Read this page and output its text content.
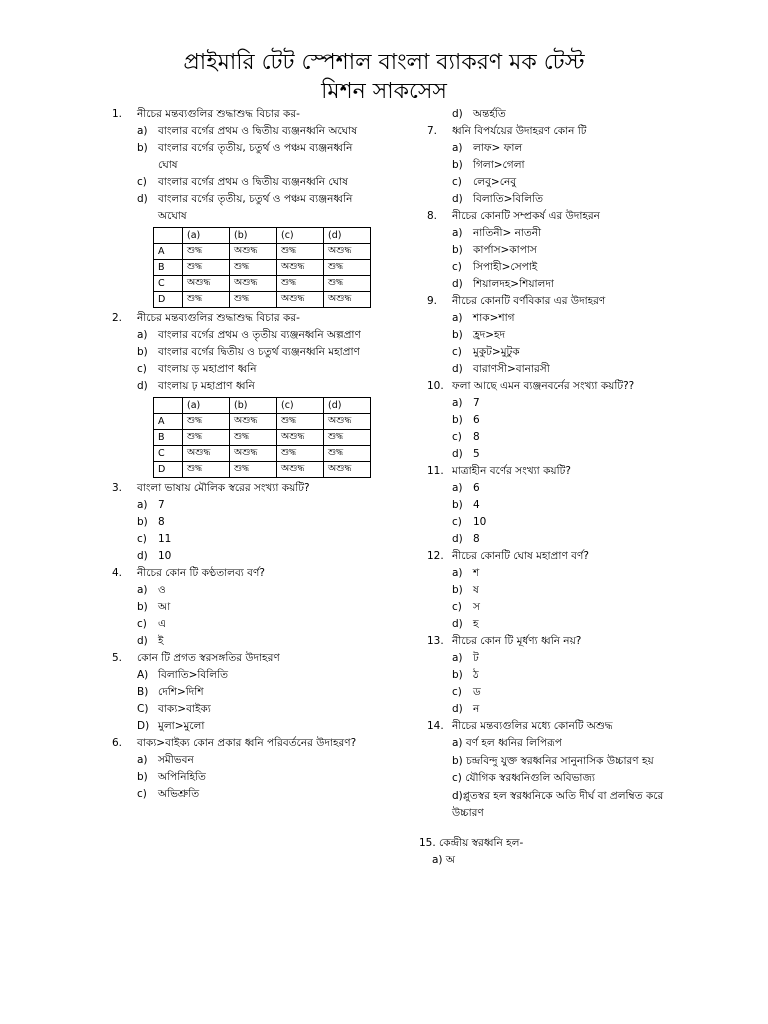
প্রাইমারি টেট স্পেশাল বাংলা ব্যাকরণ মক টেস্ট
মিশন সাকসেস
1. নীচের মন্তব্যগুলির শুদ্ধাশুদ্ধ বিচার কর-
a) বাংলার বর্গের প্রথম ও দ্বিতীয় ব্যঞ্জনধ্বনি অঘোষ
b) বাংলার বর্গের তৃতীয়, চতুর্থ ও পঞ্চম ব্যঞ্জনধ্বনি ঘোষ
c) বাংলার বর্গের প্রথম ও দ্বিতীয় ব্যঞ্জনধ্বনি ঘোষ
d) বাংলার বর্গের তৃতীয়, চতুর্থ ও পঞ্চম ব্যঞ্জনধ্বনি অঘোষ
	(a)	(b)	(c)	(d)
A	শুদ্ধ	অশুদ্ধ	শুদ্ধ	অশুদ্ধ
B	শুদ্ধ	শুদ্ধ	অশুদ্ধ	শুদ্ধ
C	অশুদ্ধ	অশুদ্ধ	শুদ্ধ	শুদ্ধ
D	শুদ্ধ	শুদ্ধ	অশুদ্ধ	অশুদ্ধ
2. নীচের মন্তব্যগুলির শুদ্ধাশুদ্ধ বিচার কর-
a) বাংলার বর্গের প্রথম ও তৃতীয় ব্যঞ্জনধ্বনি অল্পপ্রাণ
b) বাংলার বর্গের দ্বিতীয় ও চতুর্থ ব্যঞ্জনধ্বনি মহাপ্রাণ
c) বাংলায় ড় মহাপ্রাণ ধ্বনি
d) বাংলায় ঢ় মহাপ্রাণ ধ্বনি
	(a)	(b)	(c)	(d)
A	শুদ্ধ	অশুদ্ধ	শুদ্ধ	অশুদ্ধ
B	শুদ্ধ	শুদ্ধ	অশুদ্ধ	শুদ্ধ
C	অশুদ্ধ	অশুদ্ধ	শুদ্ধ	শুদ্ধ
D	শুদ্ধ	শুদ্ধ	অশুদ্ধ	অশুদ্ধ
3. বাংলা ভাষায় মৌলিক স্বরের সংখ্যা কয়টি?
a) 7
b) 8
c) 11
d) 10
4. নীচের কোন টি কণ্ঠতালব্য বর্ণ?
a) ও
b) আ
c) এ
d) ই
5. কোন টি প্রগত স্বরসঙ্গতির উদাহরণ
A) বিলাতি>বিলিতি
B) দেশি>দিশি
C) বাক্য>বাইক্য
D) মুলা>মুলো
6. বাক্য>বাইক্য কোন প্রকার ধ্বনি পরিবর্তনের উদাহরণ?
a) সমীভবন
b) অপিনিহিতি
c) অভিশ্রুতি
d) অন্তর্হতি
7. ধ্বনি বিপর্যয়ের উদাহরণ কোন টি
a) লাফ> ফাল
b) গিলা>গেলা
c) লেবু>নেবু
d) বিলাতি>বিলিতি
8. নীচের কোনটি সম্প্রকর্ষ এর উদাহরন
a) নাতিনী> নাতনী
b) কার্পাস>কাপাস
c) সিপাহী>সেপাই
d) শিয়ালদহ>শিয়ালদা
9. নীচের কোনটি বর্ণবিকার এর উদাহরণ
a) শাক>শাগ
b) হ্রদ>হদ
c) মুকুট>মুটুক
d) বারাণসী>বানারসী
10. ফলা আছে এমন ব্যঞ্জনবর্নের সংখ্যা কয়টি??
a) 7
b) 6
c) 8
d) 5
11. মাত্রাহীন বর্ণের সংখ্যা কয়টি?
a) 6
b) 4
c) 10
d) 8
12. নীচের কোনটি ঘোষ মহাপ্রাণ বর্ণ?
a) শ
b) ষ
c) স
d) হ
13. নীচের কোন টি মূর্ধণ্য ধ্বনি নয়?
a) ট
b) ঠ
c) ড
d) ন
14. নীচের মন্তব্যগুলির মধ্যে কোনটি অশুদ্ধ
a) বর্ণ হল ধ্বনির লিপিরূপ
b) চন্দ্রবিন্দু যুক্ত স্বরধ্বনির সানুনাসিক উচ্চারণ হয়
c) যৌগিক স্বরধ্বনিগুলি অবিভাজ্য
d)প্লুতস্বর হল স্বরধ্বনিকে অতি দীর্ঘ বা প্রলম্বিত করে উচ্চারণ
15. কেন্দ্রীয় স্বরধ্বনি হল-
a) অ
